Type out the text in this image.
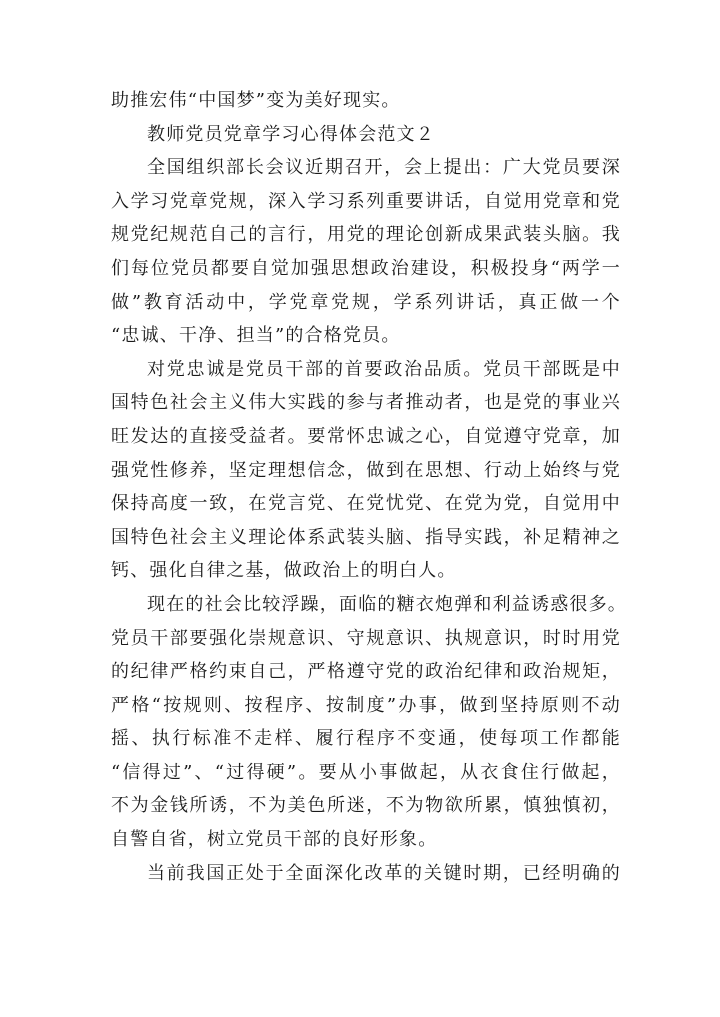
助推宏伟“中国梦”变为美好现实。
教师党员党章学习心得体会范文２
全国组织部长会议近期召开，会上提出：广大党员要深
入学习党章党规，深入学习系列重要讲话，自觉用党章和党
规党纪规范自己的言行，用党的理论创新成果武装头脑。我
们每位党员都要自觉加强思想政治建设，积极投身“两学一
做”教育活动中，学党章党规，学系列讲话，真正做一个
“忠诚、干净、担当”的合格党员。
对党忠诚是党员干部的首要政治品质。党员干部既是中
国特色社会主义伟大实践的参与者推动者，也是党的事业兴
旺发达的直接受益者。要常怀忠诚之心，自觉遵守党章，加
强党性修养，坚定理想信念，做到在思想、行动上始终与党
保持高度一致，在党言党、在党忧党、在党为党，自觉用中
国特色社会主义理论体系武装头脑、指导实践，补足精神之
钙、强化自律之基，做政治上的明白人。
现在的社会比较浮躁，面临的糖衣炮弹和利益诱惑很多。
党员干部要强化崇规意识、守规意识、执规意识，时时用党
的纪律严格约束自己，严格遵守党的政治纪律和政治规矩，
严格“按规则、按程序、按制度”办事，做到坚持原则不动
摇、执行标准不走样、履行程序不变通，使每项工作都能
“信得过”、“过得硬”。要从小事做起，从衣食住行做起，
不为金钱所诱，不为美色所迷，不为物欲所累，慎独慎初，
自警自省，树立党员干部的良好形象。
当前我国正处于全面深化改革的关键时期，已经明确的
